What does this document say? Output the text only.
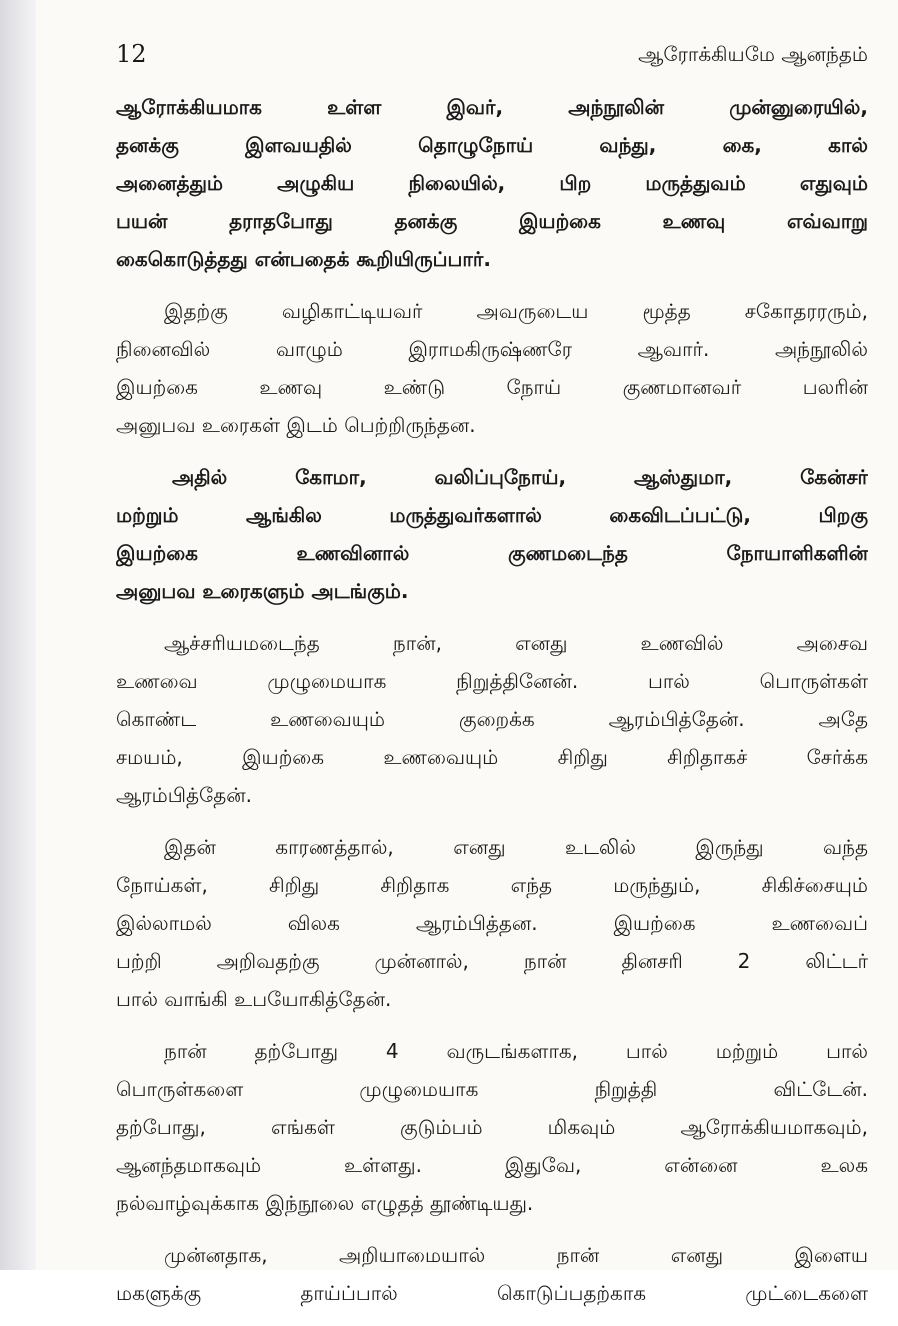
12	ஆரோக்கியமே ஆனந்தம்
ஆரோக்கியமாக உள்ள இவர், அந்நூலின் முன்னுரையில்,
தனக்கு இளவயதில் தொழுநோய் வந்து, கை, கால்
அனைத்தும் அழுகிய நிலையில், பிற மருத்துவம் எதுவும்
பயன் தராதபோது தனக்கு இயற்கை உணவு எவ்வாறு
கைகொடுத்தது என்பதைக் கூறியிருப்பார்.
இதற்கு வழிகாட்டியவர் அவருடைய மூத்த சகோதரரரும்,
நினைவில் வாழும் இராமகிருஷ்ணரே ஆவார். அந்நூலில்
இயற்கை உணவு உண்டு நோய் குணமானவர் பலரின்
அனுபவ உரைகள் இடம் பெற்றிருந்தன.
அதில் கோமா, வலிப்புநோய், ஆஸ்துமா, கேன்சர்
மற்றும் ஆங்கில மருத்துவர்களால் கைவிடப்பட்டு, பிறகு
இயற்கை உணவினால் குணமடைந்த நோயாளிகளின்
அனுபவ உரைகளும் அடங்கும்.
ஆச்சரியமடைந்த நான், எனது உணவில் அசைவ
உணவை முழுமையாக நிறுத்தினேன். பால் பொருள்கள்
கொண்ட உணவையும் குறைக்க ஆரம்பித்தேன். அதே
சமயம், இயற்கை உணவையும் சிறிது சிறிதாகச் சேர்க்க
ஆரம்பித்தேன்.
இதன் காரணத்தால், எனது உடலில் இருந்து வந்த
நோய்கள், சிறிது சிறிதாக எந்த மருந்தும், சிகிச்சையும்
இல்லாமல் விலக ஆரம்பித்தன. இயற்கை உணவைப்
பற்றி அறிவதற்கு முன்னால், நான் தினசரி 2 லிட்டர்
பால் வாங்கி உபயோகித்தேன்.
நான் தற்போது 4 வருடங்களாக, பால் மற்றும் பால்
பொருள்களை முழுமையாக நிறுத்தி விட்டேன்.
தற்போது, எங்கள் குடும்பம் மிகவும் ஆரோக்கியமாகவும்,
ஆனந்தமாகவும் உள்ளது. இதுவே, என்னை உலக
நல்வாழ்வுக்காக இந்நூலை எழுதத் தூண்டியது.
முன்னதாக, அறியாமையால் நான் எனது இளைய
மகளுக்கு தாய்ப்பால் கொடுப்பதற்காக முட்டைகளை
